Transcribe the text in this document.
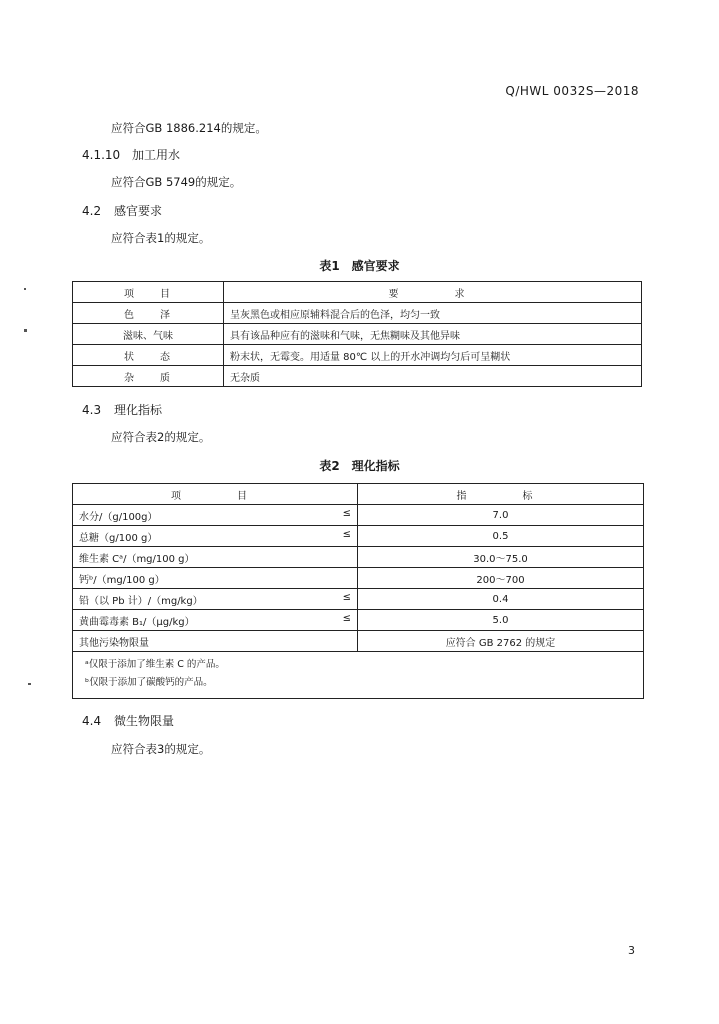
Q/HWL 0032S—2018
应符合GB 1886.214的规定。
4.1.10 加工用水
应符合GB 5749的规定。
4.2 感官要求
应符合表1的规定。
表1　感官要求
项　　目	要　　求
色　　泽	呈灰黑色或相应原辅料混合后的色泽，均匀一致
滋味、气味	具有该品种应有的滋味和气味，无焦糊味及其他异味
状　　态	粉末状，无霉变。用适量 80℃ 以上的开水冲调均匀后可呈糊状
杂　　质	无杂质
4.3 理化指标
应符合表2的规定。
表2　理化指标
项　　目	指　　标

水分/（g/100g） ≤	7.0

总糖（g/100 g） ≤	0.5

维生素 Cᵃ/（mg/100 g）	30.0～75.0

钙ᵇ/（mg/100 g）	200～700

铅（以 Pb 计）/（mg/kg） ≤	0.4

黄曲霉毒素 B₁/（μg/kg） ≤	5.0

其他污染物限量	应符合 GB 2762 的规定

ᵃ仅限于添加了维生素 C 的产品。
ᵇ仅限于添加了碳酸钙的产品。	
4.4 微生物限量
应符合表3的规定。
3
